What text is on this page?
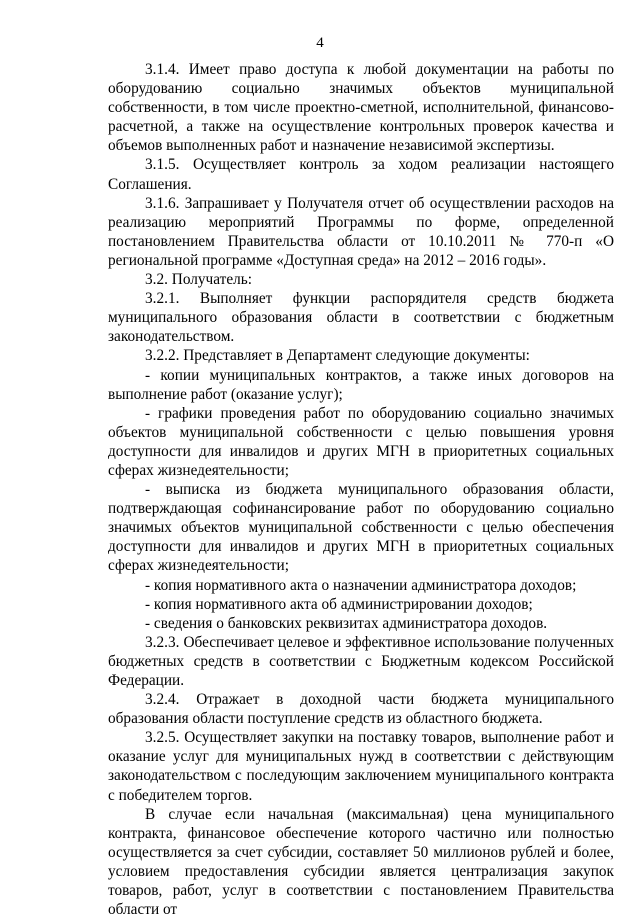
4

3.1.4. Имеет право доступа к любой документации на работы по оборудованию социально значимых объектов муниципальной собственности, в том числе проектно-сметной, исполнительной, финансово-расчетной, а также на осуществление контрольных проверок качества и объемов выполненных работ и назначение независимой экспертизы.

3.1.5. Осуществляет контроль за ходом реализации настоящего Соглашения.

3.1.6. Запрашивает у Получателя отчет об осуществлении расходов на реализацию мероприятий Программы по форме, определенной постановлением Правительства области от 10.10.2011 № 770-п «О региональной программе «Доступная среда» на 2012 – 2016 годы».

3.2. Получатель:

3.2.1. Выполняет функции распорядителя средств бюджета муниципального образования области в соответствии с бюджетным законодательством.

3.2.2. Представляет в Департамент следующие документы:

- копии муниципальных контрактов, а также иных договоров на выполнение работ (оказание услуг);

- графики проведения работ по оборудованию социально значимых объектов муниципальной собственности с целью повышения уровня доступности для инвалидов и других МГН в приоритетных социальных сферах жизнедеятельности;

- выписка из бюджета муниципального образования области, подтверждающая софинансирование работ по оборудованию социально значимых объектов муниципальной собственности с целью обеспечения доступности для инвалидов и других МГН в приоритетных социальных сферах жизнедеятельности;

- копия нормативного акта о назначении администратора доходов;

- копия нормативного акта об администрировании доходов;

- сведения о банковских реквизитах администратора доходов.

3.2.3. Обеспечивает целевое и эффективное использование полученных бюджетных средств в соответствии с Бюджетным кодексом Российской Федерации.

3.2.4. Отражает в доходной части бюджета муниципального образования области поступление средств из областного бюджета.

3.2.5. Осуществляет закупки на поставку товаров, выполнение работ и оказание услуг для муниципальных нужд в соответствии с действующим законодательством с последующим заключением муниципального контракта с победителем торгов.

В случае если начальная (максимальная) цена муниципального контракта, финансовое обеспечение которого частично или полностью осуществляется за счет субсидии, составляет 50 миллионов рублей и более, условием предоставления субсидии является централизация закупок товаров, работ, услуг в соответствии с постановлением Правительства области от
